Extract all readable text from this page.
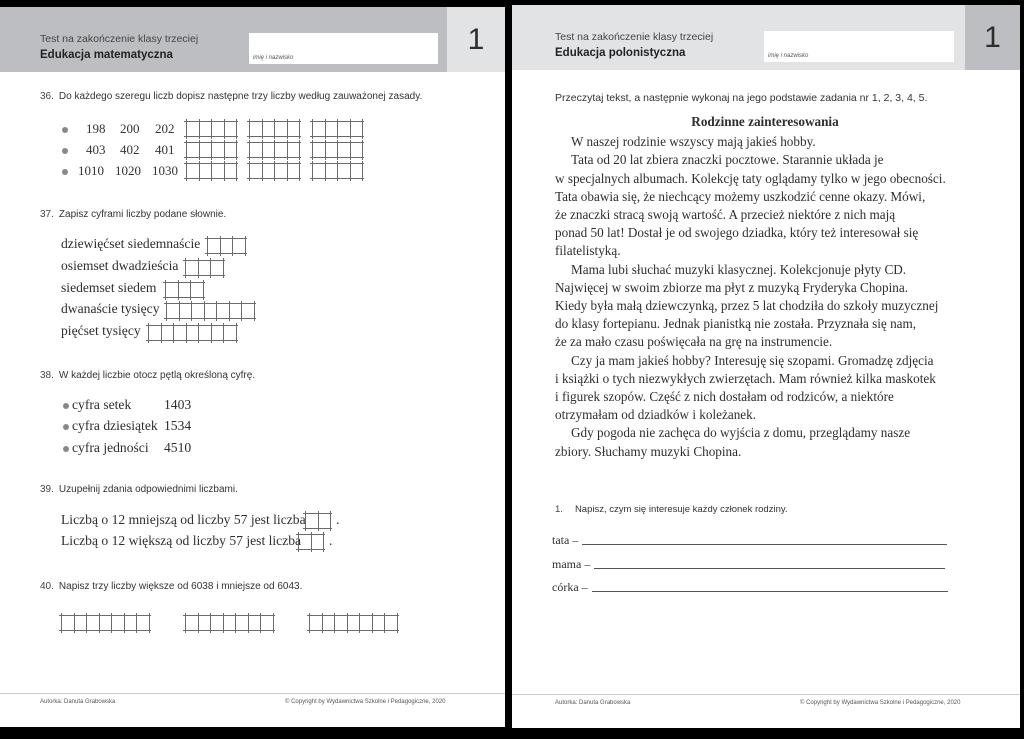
Test na zakończenie klasy trzeciej
Edukacja matematyczna	imię i nazwisko
1
36. Do każdego szeregu liczb dopisz następne trzy liczby według zauważonej zasady.
198 200 202
403 402 401
1010 1020 1030
37. Zapisz cyframi liczby podane słownie.
dziewięćset siedemnaście
osiemset dwadzieścia
siedemset siedem
dwanaście tysięcy
pięćset tysięcy
38. W każdej liczbie otocz pętlą określoną cyfrę.
cyfra setek 1403
cyfra dziesiątek 1534
cyfra jedności 4510
39. Uzupełnij zdania odpowiednimi liczbami.
Liczbą o 12 mniejszą od liczby 57 jest liczba .
Liczbą o 12 większą od liczby 57 jest liczba .
40. Napisz trzy liczby większe od 6038 i mniejsze od 6043.
Autorka: Danuta Grabowska	© Copyright by Wydawnictwa Szkolne i Pedagogiczne, 2020
Test na zakończenie klasy trzeciej
Edukacja polonistyczna	imię i nazwisko
1
Przeczytaj tekst, a następnie wykonaj na jego podstawie zadania nr 1, 2, 3, 4, 5.
Rodzinne zainteresowania

W naszej rodzinie wszyscy mają jakieś hobby.

Tata od 20 lat zbiera znaczki pocztowe. Starannie układa je

w specjalnych albumach. Kolekcję taty oglądamy tylko w jego obecności.

Tata obawia się, że niechcący możemy uszkodzić cenne okazy. Mówi,

że znaczki stracą swoją wartość. A przecież niektóre z nich mają

ponad 50 lat! Dostał je od swojego dziadka, który też interesował się

filatelistyką.

Mama lubi słuchać muzyki klasycznej. Kolekcjonuje płyty CD.

Najwięcej w swoim zbiorze ma płyt z muzyką Fryderyka Chopina.

Kiedy była małą dziewczynką, przez 5 lat chodziła do szkoły muzycznej

do klasy fortepianu. Jednak pianistką nie została. Przyznała się nam,

że za mało czasu poświęcała na grę na instrumencie.

Czy ja mam jakieś hobby? Interesuję się szopami. Gromadzę zdjęcia

i książki o tych niezwykłych zwierzętach. Mam również kilka maskotek

i figurek szopów. Część z nich dostałam od rodziców, a niektóre

otrzymałam od dziadków i koleżanek.

Gdy pogoda nie zachęca do wyjścia z domu, przeglądamy nasze

zbiory. Słuchamy muzyki Chopina.

1. Napisz, czym się interesuje każdy członek rodziny.
tata –
mama –
córka –
Autorka: Danuta Grabowska	© Copyright by Wydawnictwa Szkolne i Pedagogiczne, 2020
